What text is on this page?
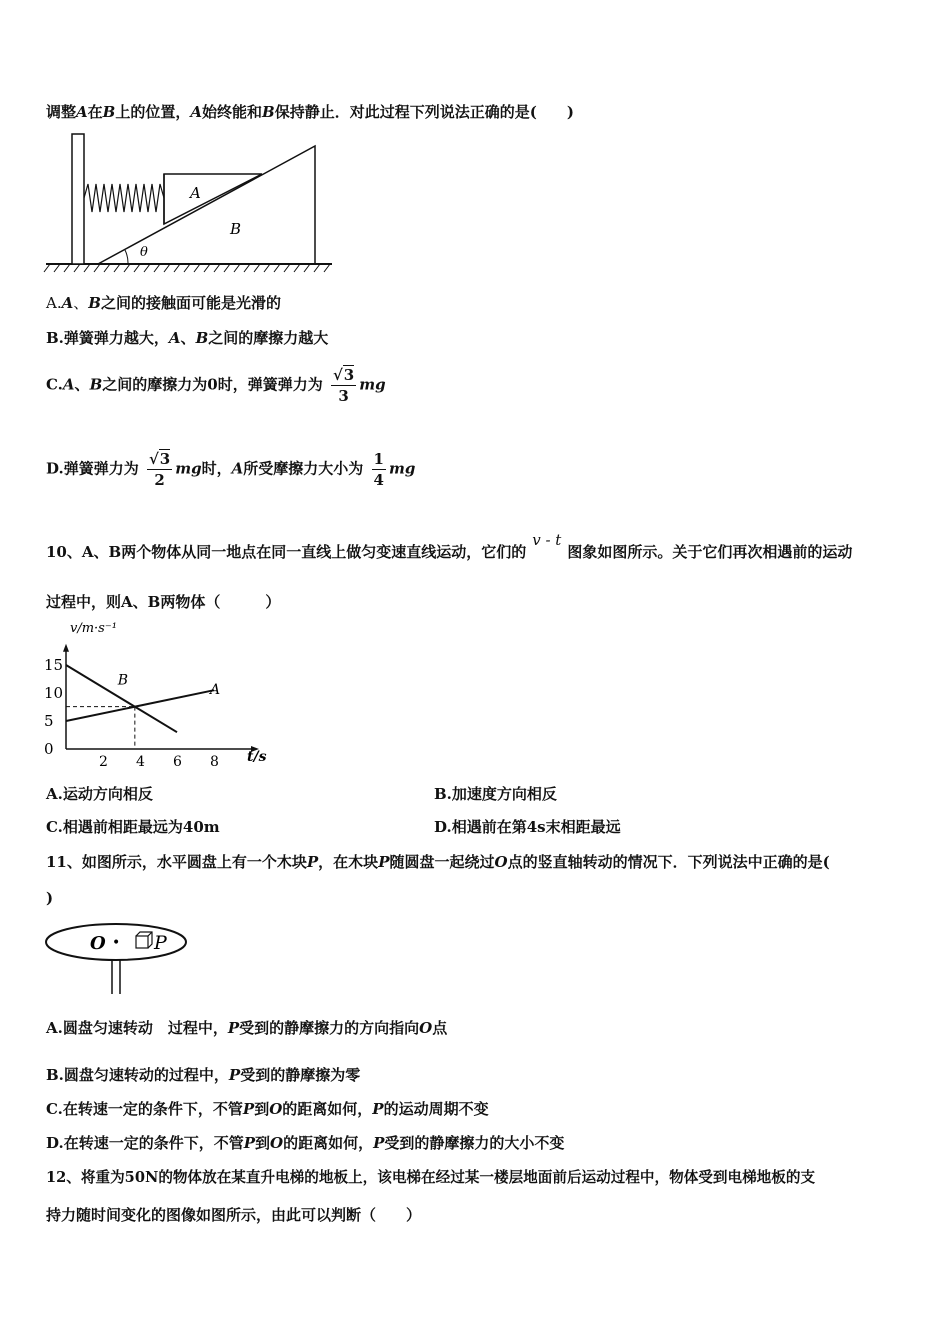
调整A在B上的位置，A始终能和B保持静止．对此过程下列说法正确的是(　　)
A
B
θ
A.A、B之间的接触面可能是光滑的
B.弹簧弹力越大，A、B之间的摩擦力越大
C.A、B之间的摩擦力为0时，弹簧弹力为 $\frac{√3}{3}$ mg
D.弹簧弹力为 $\frac{√3}{2}$ mg时，A所受摩擦力大小为 $\frac{1}{4}$ mg
10、A、B两个物体从同一地点在同一直线上做匀变速直线运动，它们的v - t图象如图所示。关于它们再次相遇前的运动
过程中，则A、B两物体（　　　）
v/m·s⁻¹
t/s
2 4 6 8
0
5
10
15
A
B
A.运动方向相反	B.加速度方向相反
C.相遇前相距最远为40m	D.相遇前在第4s末相距最远
11、如图所示，水平圆盘上有一个木块P，在木块P随圆盘一起绕过O点的竖直轴转动的情况下．下列说法中正确的是(
)
O • P
A.圆盘匀速转动　过程中，P受到的静摩擦力的方向指向O点
B.圆盘匀速转动的过程中，P受到的静摩擦为零
C.在转速一定的条件下，不管P到O的距离如何，P的运动周期不变
D.在转速一定的条件下，不管P到O的距离如何，P受到的静摩擦力的大小不变
12、将重为50N的物体放在某直升电梯的地板上，该电梯在经过某一楼层地面前后运动过程中，物体受到电梯地板的支
持力随时间变化的图像如图所示，由此可以判断（　　）
